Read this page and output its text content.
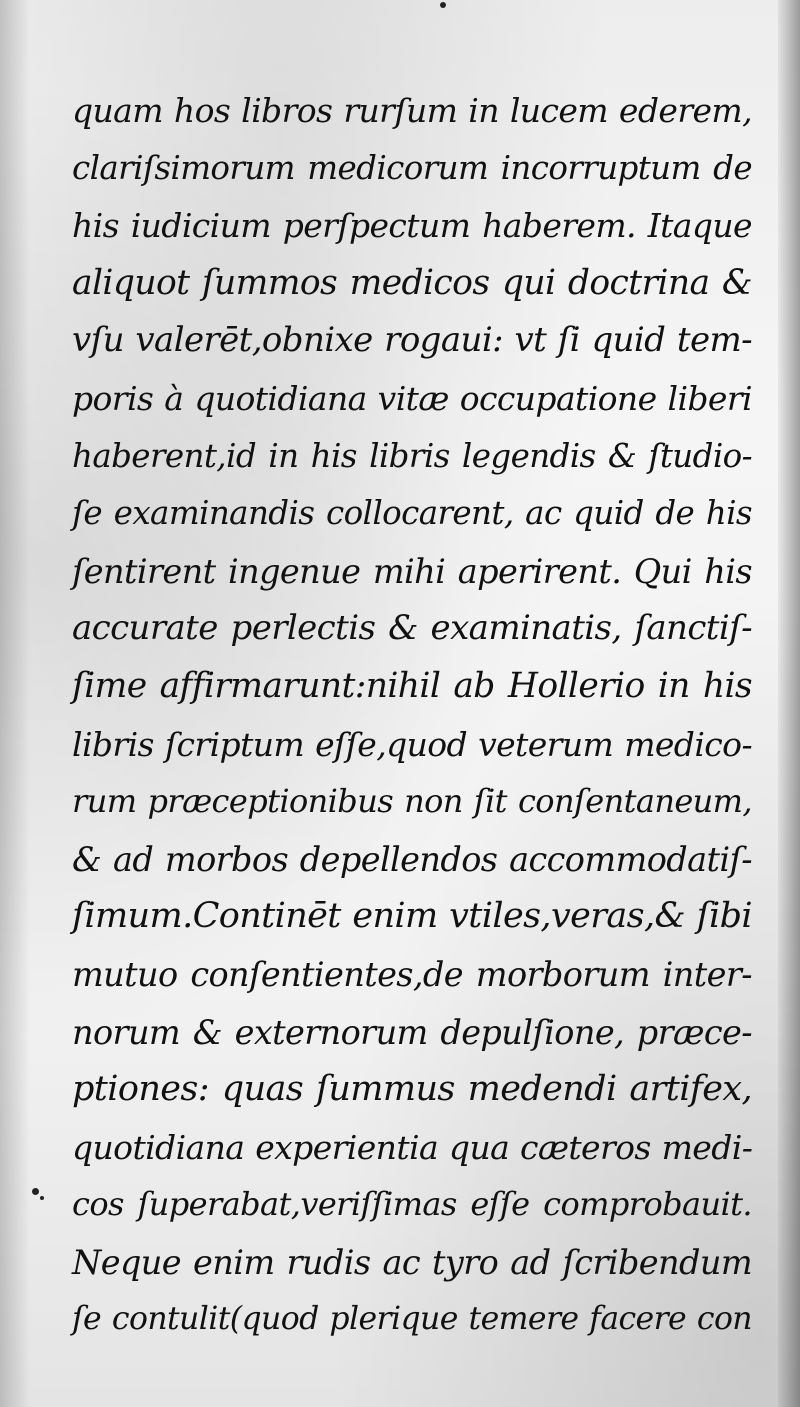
quam hos libros rurſum in lucem ederem,
clariſsimorum medicorum incorruptum de
his iudicium perſpectum haberem. Itaque
aliquot ſummos medicos qui doctrina &
vſu valerēt,obnixe rogaui: vt ſi quid tem-
poris à quotidiana vitæ occupatione liberi
haberent,id in his libris legendis & ſtudio-
ſe examinandis collocarent, ac quid de his
ſentirent ingenue mihi aperirent. Qui his
accurate perlectis & examinatis, ſanctiſ-
ſime affirmarunt:nihil ab Hollerio in his
libris ſcriptum eſſe,quod veterum medico-
rum præceptionibus non ſit conſentaneum,
& ad morbos depellendos accommodatiſ-
ſimum.Continēt enim vtiles,veras,& ſibi
mutuo conſentientes,de morborum inter-
norum & externorum depulſione, præce-
ptiones: quas ſummus medendi artifex,
quotidiana experientia qua cæteros medi-
cos ſuperabat,veriſſimas eſſe comprobauit.
Neque enim rudis ac tyro ad ſcribendum
ſe contulit(quod plerique temere facere con
